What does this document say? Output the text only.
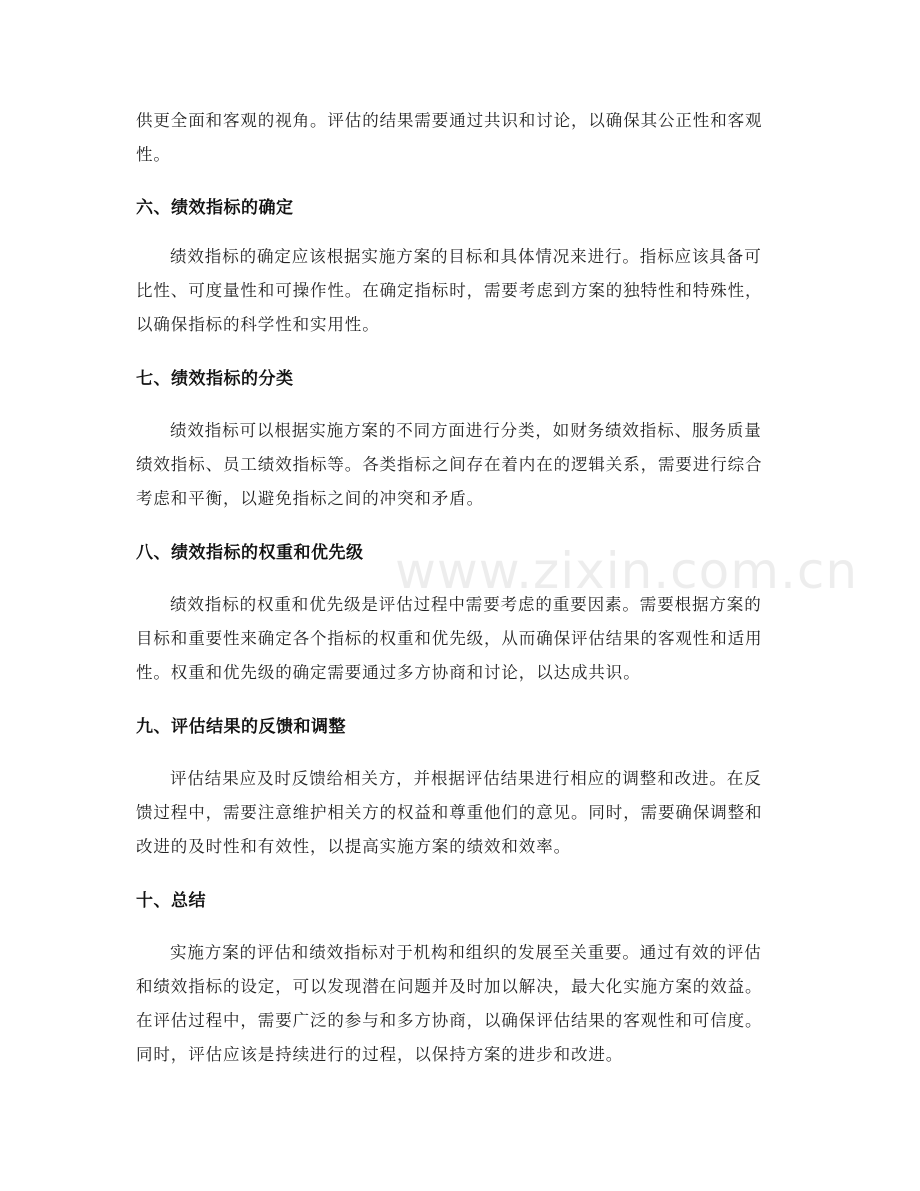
www.zixin.com.cn

供更全面和客观的视角。评估的结果需要通过共识和讨论，以确保其公正性和客观
性。

六、绩效指标的确定

绩效指标的确定应该根据实施方案的目标和具体情况来进行。指标应该具备可
比性、可度量性和可操作性。在确定指标时，需要考虑到方案的独特性和特殊性，
以确保指标的科学性和实用性。

七、绩效指标的分类

绩效指标可以根据实施方案的不同方面进行分类，如财务绩效指标、服务质量
绩效指标、员工绩效指标等。各类指标之间存在着内在的逻辑关系，需要进行综合
考虑和平衡，以避免指标之间的冲突和矛盾。

八、绩效指标的权重和优先级

绩效指标的权重和优先级是评估过程中需要考虑的重要因素。需要根据方案的
目标和重要性来确定各个指标的权重和优先级，从而确保评估结果的客观性和适用
性。权重和优先级的确定需要通过多方协商和讨论，以达成共识。

九、评估结果的反馈和调整

评估结果应及时反馈给相关方，并根据评估结果进行相应的调整和改进。在反
馈过程中，需要注意维护相关方的权益和尊重他们的意见。同时，需要确保调整和
改进的及时性和有效性，以提高实施方案的绩效和效率。

十、总结

实施方案的评估和绩效指标对于机构和组织的发展至关重要。通过有效的评估
和绩效指标的设定，可以发现潜在问题并及时加以解决，最大化实施方案的效益。
在评估过程中，需要广泛的参与和多方协商，以确保评估结果的客观性和可信度。
同时，评估应该是持续进行的过程，以保持方案的进步和改进。
